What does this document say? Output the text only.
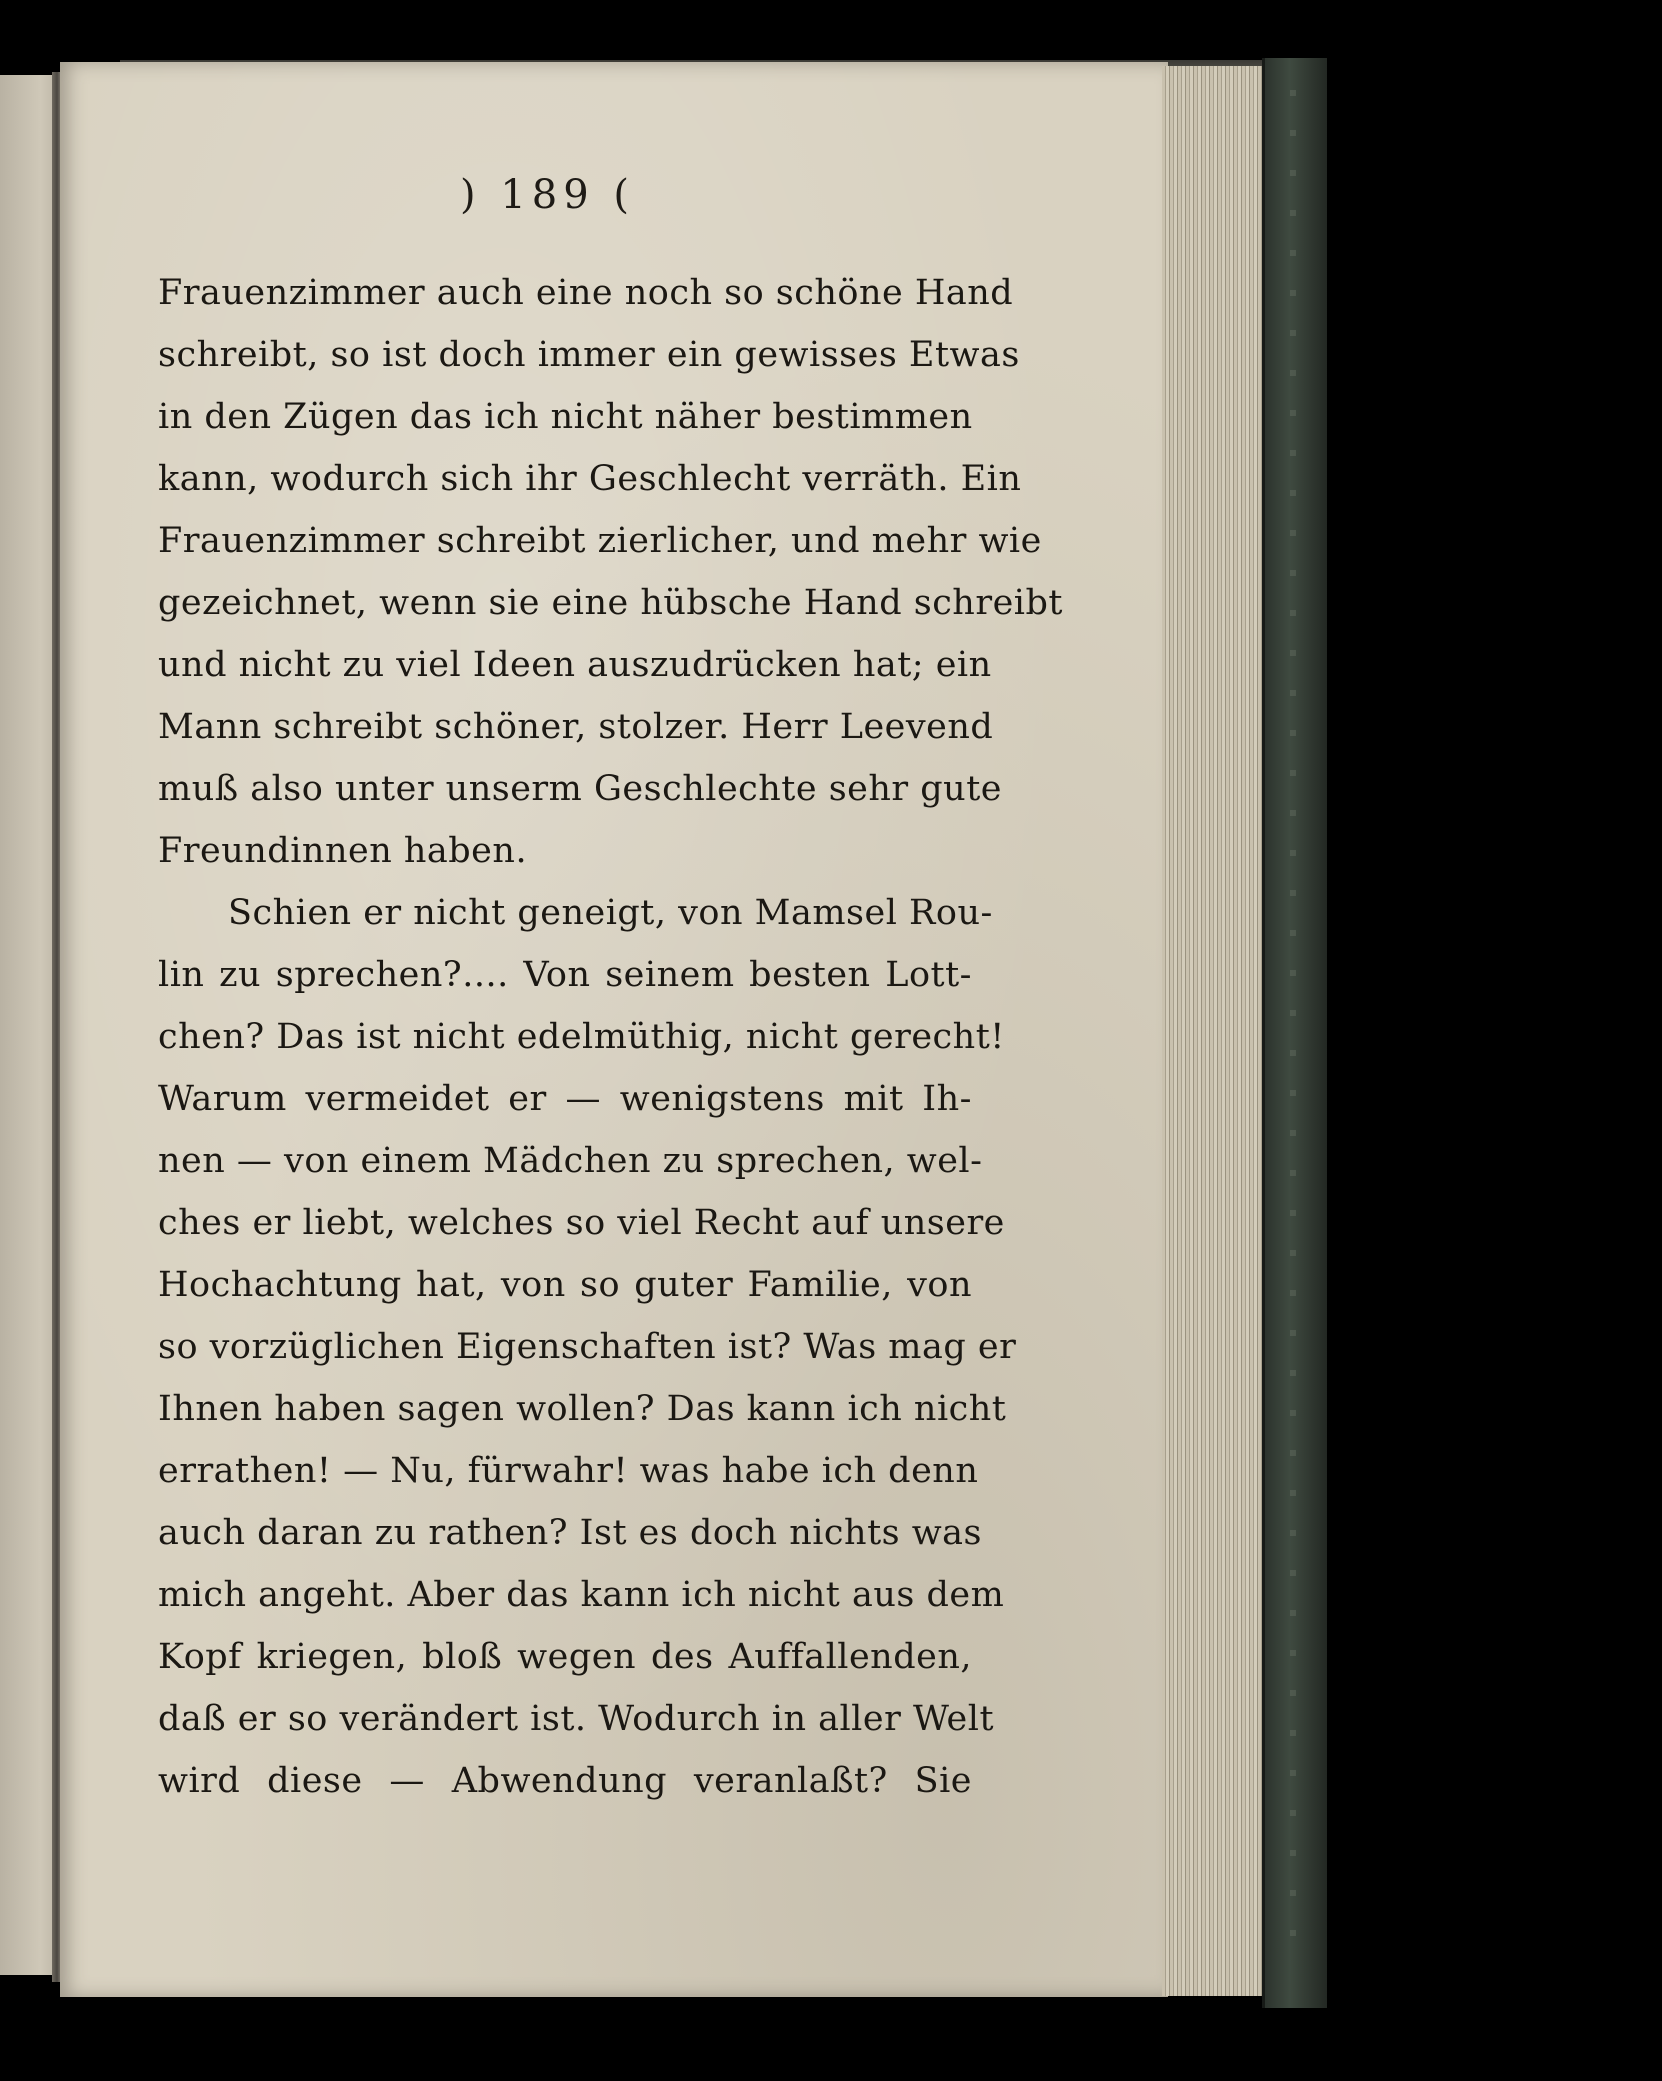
) 189 (
Frauenzimmer auch eine noch so schöne Hand
schreibt, so ist doch immer ein gewisses Etwas
in den Zügen das ich nicht näher bestimmen
kann, wodurch sich ihr Geschlecht verräth. Ein
Frauenzimmer schreibt zierlicher, und mehr wie
gezeichnet, wenn sie eine hübsche Hand schreibt
und nicht zu viel Ideen auszudrücken hat; ein
Mann schreibt schöner, stolzer. Herr Leevend
muß also unter unserm Geschlechte sehr gute
Freundinnen haben.
Schien er nicht geneigt, von Mamsel Rou-
lin zu sprechen?.... Von seinem besten Lott-
chen? Das ist nicht edelmüthig, nicht gerecht!
Warum vermeidet er — wenigstens mit Ih-
nen — von einem Mädchen zu sprechen, wel-
ches er liebt, welches so viel Recht auf unsere
Hochachtung hat, von so guter Familie, von
so vorzüglichen Eigenschaften ist? Was mag er
Ihnen haben sagen wollen? Das kann ich nicht
errathen! — Nu, fürwahr! was habe ich denn
auch daran zu rathen? Ist es doch nichts was
mich angeht. Aber das kann ich nicht aus dem
Kopf kriegen, bloß wegen des Auffallenden,
daß er so verändert ist. Wodurch in aller Welt
wird diese — Abwendung veranlaßt? Sie
